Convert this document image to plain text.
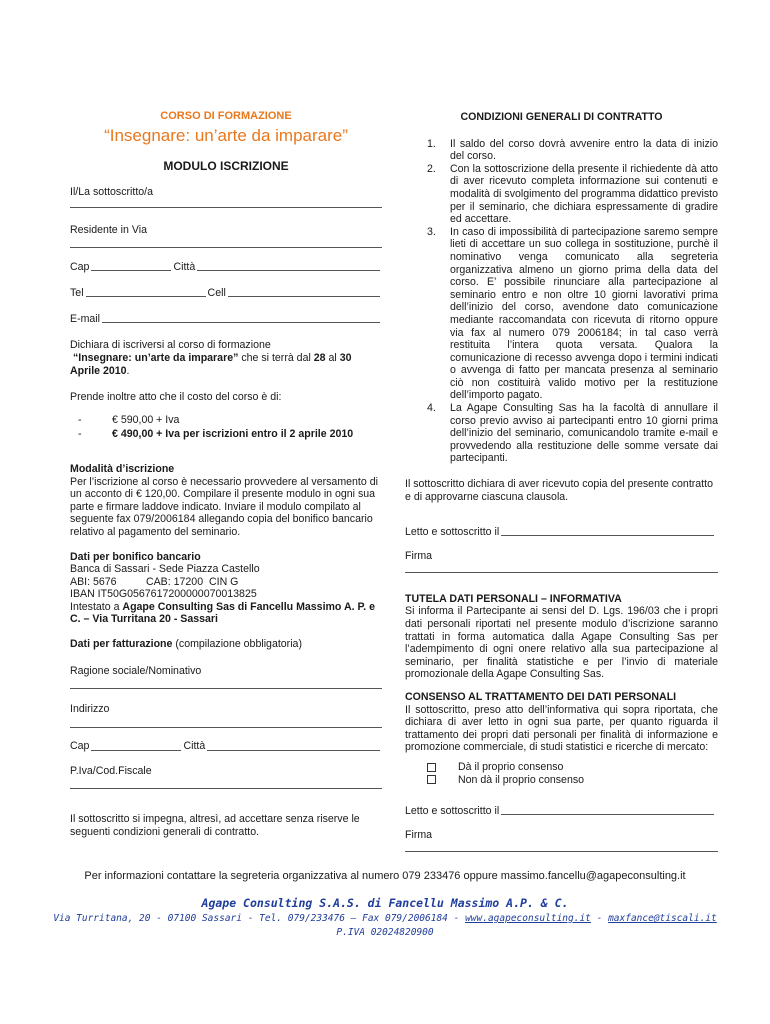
CORSO DI FORMAZIONE
“Insegnare: un’arte da imparare”
MODULO ISCRIZIONE

Il/La sottoscritto/a

Residente in Via

Cap	Città
Tel	Cell
E-mail

Dichiara di iscriversi al corso di formazione

“Insegnare: un’arte da imparare” che si terrà dal 28 al 30

Aprile 2010.

Prende inoltre atto che il costo del corso è di:

-	€ 590,00 + Iva
-	€ 490,00 + Iva per iscrizioni entro il 2 aprile 2010

Modalità d’iscrizione

Per l’iscrizione al corso è necessario provvedere al versamento di un acconto di € 120,00. Compilare il presente modulo in ogni sua parte e firmare laddove indicato. Inviare il modulo compilato al seguente fax 079/2006184 allegando copia del bonifico bancario relativo al pagamento del seminario.

Dati per bonifico bancario

Banca di Sassari - Sede Piazza Castello

ABI: 5676          CAB: 17200  CIN G

IBAN IT50G0567617200000070013825

Intestato a Agape Consulting Sas di Fancellu Massimo A. P. e C. – Via Turritana 20 - Sassari

Dati per fatturazione (compilazione obbligatoria)

Ragione sociale/Nominativo

Indirizzo

Cap	Città

P.Iva/Cod.Fiscale

Il sottoscritto si impegna, altresì, ad accettare senza riserve le seguenti condizioni generali di contratto.

CONDIZIONI GENERALI DI CONTRATTO

1.	Il saldo del corso dovrà avvenire entro la data di inizio del corso.
2.	Con la sottoscrizione della presente il richiedente dà atto di aver ricevuto completa informazione sui contenuti e modalità di svolgimento del programma didattico previsto per il seminario, che dichiara espressamente di gradire ed accettare.
3.	In caso di impossibilità di partecipazione saremo sempre lieti di accettare un suo collega in sostituzione, purchè il nominativo venga comunicato alla segreteria organizzativa almeno un giorno prima della data del corso. E’ possibile rinunciare alla partecipazione al seminario entro e non oltre 10 giorni lavorativi prima dell’inizio del corso, avendone dato comunicazione mediante raccomandata con ricevuta di ritorno oppure via fax al numero 079 2006184; in tal caso verrà restituita l’intera quota versata. Qualora la comunicazione di recesso avvenga dopo i termini indicati o avvenga di fatto per mancata presenza al seminario ciò non costituirà valido motivo per la restituzione dell’importo pagato.
4.	La Agape Consulting Sas ha la facoltà di annullare il corso previo avviso ai partecipanti entro 10 giorni prima dell’inizio del seminario, comunicandolo tramite e-mail e provvedendo alla restituzione delle somme versate dai partecipanti.

Il sottoscritto dichiara di aver ricevuto copia del presente contratto e di approvarne ciascuna clausola.

Letto e sottoscritto il

Firma

TUTELA DATI PERSONALI – INFORMATIVA

Si informa il Partecipante ai sensi del D. Lgs. 196/03 che i propri dati personali riportati nel presente modulo d’iscrizione saranno trattati in forma automatica dalla Agape Consulting Sas per l’adempimento di ogni onere relativo alla sua partecipazione al seminario, per finalità statistiche e per l’invio di materiale promozionale della Agape Consulting Sas.

CONSENSO AL TRATTAMENTO DEI DATI PERSONALI

Il sottoscritto, preso atto dell’informativa qui sopra riportata, che dichiara di aver letto in ogni sua parte, per quanto riguarda il trattamento dei propri dati personali per finalità di informazione e promozione commerciale, di studi statistici e ricerche di mercato:

Dà il proprio consenso
Non dà il proprio consenso
Letto e sottoscritto il

Firma

Per informazioni contattare la segreteria organizzativa al numero 079 233476 oppure massimo.fancellu@agapeconsulting.it
Agape Consulting S.A.S. di Fancellu Massimo A.P. & C.
Via Turritana, 20 - 07100 Sassari - Tel. 079/233476 – Fax 079/2006184 - www.agapeconsulting.it - maxfance@tiscali.it
P.IVA 02024820900
